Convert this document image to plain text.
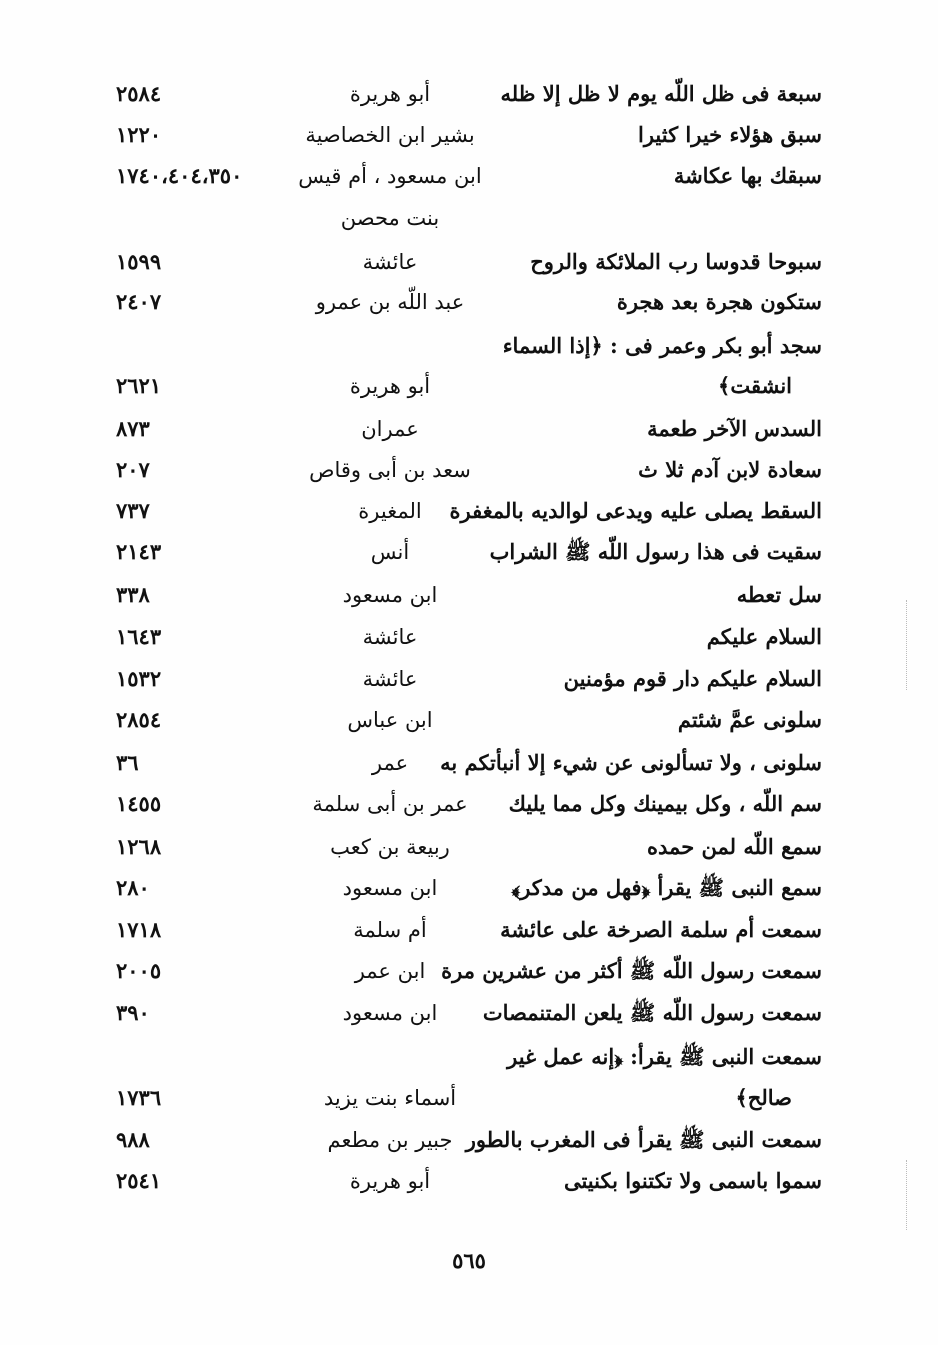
سبعة فى ظل اللّه يوم لا ظل إلا ظله
أبو هريرة
٢٥٨٤
سبق هؤلاء خيرا كثيرا
بشير ابن الخصاصية
١٢٢٠
سبقك بها عكاشة
ابن مسعود ، أم قيس
١٧٤٠،٤٠٤،٣٥٠
بنت محصن
سبوحا قدوسا رب الملائكة والروح
عائشة
١٥٩٩
ستكون هجرة بعد هجرة
عبد اللّه بن عمرو
٢٤٠٧
سجد أبو بكر وعمر فى : ﴿إذا السماء
انشقت﴾
أبو هريرة
٢٦٢١
السدس الآخر طعمة
عمران
٨٧٣
سعادة لابن آدم ثلا ث
سعد بن أبى وقاص
٢٠٧
السقط يصلى عليه ويدعى لوالديه بالمغفرة
المغيرة
٧٣٧
سقيت فى هذا رسول اللّه ﷺ الشراب
أنس
٢١٤٣
سل تعطه
ابن مسعود
٣٣٨
السلام عليكم
عائشة
١٦٤٣
السلام عليكم دار قوم مؤمنين
عائشة
١٥٣٢
سلونى عمَّ شئتم
ابن عباس
٢٨٥٤
سلونى ، ولا تسألونى عن شيء إلا أنبأتكم به
عمر
٣٦
سم اللّه ، وكل بيمينك وكل مما يليك
عمر بن أبى سلمة
١٤٥٥
سمع اللّه لمن حمده
ربيعة بن كعب
١٢٦٨
سمع النبى ﷺ يقرأ ﴿فهل من مدكر﴾
ابن مسعود
٢٨٠
سمعت أم سلمة الصرخة على عائشة
أم سلمة
١٧١٨
سمعت رسول اللّه ﷺ أكثر من عشرين مرة
ابن عمر
٢٠٠٥
سمعت رسول اللّه ﷺ يلعن المتنمصات
ابن مسعود
٣٩٠
سمعت النبى ﷺ يقرأ: ﴿إنه عمل غير
صالح﴾
أسماء بنت يزيد
١٧٣٦
سمعت النبى ﷺ يقرأ فى المغرب بالطور
جبير بن مطعم
٩٨٨
سموا باسمى ولا تكتنوا بكنيتى
أبو هريرة
٢٥٤١
٥٦٥
